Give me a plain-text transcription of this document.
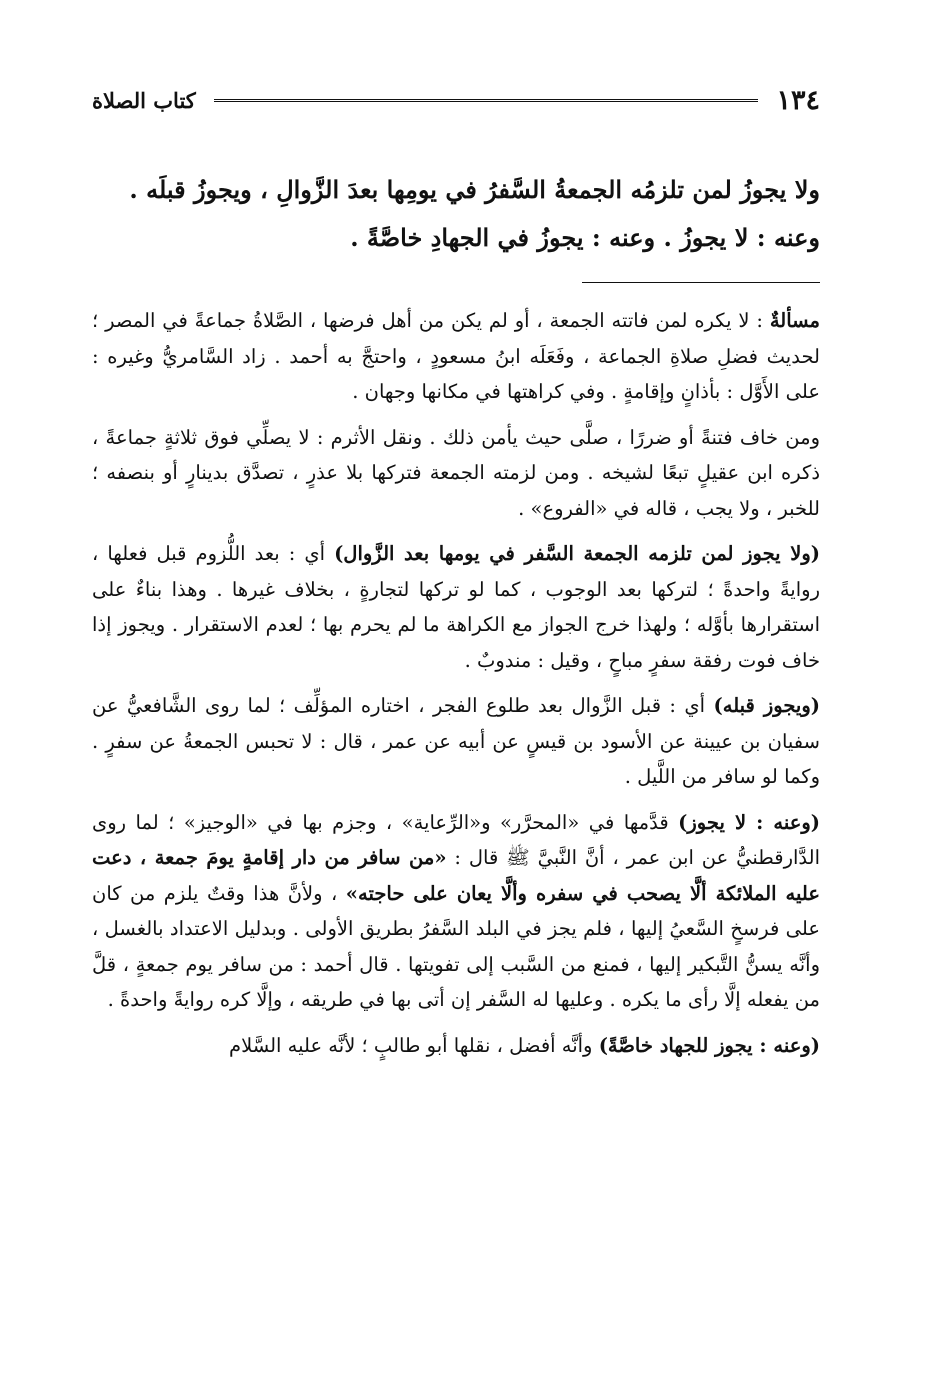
١٣٤
كتاب الصلاة
ولا يجوزُ لمن تلزمُه الجمعةُ السَّفرُ في يومِها بعدَ الزَّوالِ ، ويجوزُ قبلَه .
وعنه : لا يجوزُ . وعنه : يجوزُ في الجهادِ خاصَّةً .

مسألةٌ : لا يكره لمن فاتته الجمعة ، أو لم يكن من أهل فرضها ، الصَّلاةُ جماعةً في المصر ؛ لحديث فضلِ صلاةِ الجماعة ، وفَعَلَه ابنُ مسعودٍ ، واحتجَّ به أحمد . زاد السَّامريُّ وغيره : على الأَوَّل : بأذانٍ وإقامةٍ . وفي كراهتها في مكانها وجهان .

ومن خاف فتنةً أو ضررًا ، صلَّى حيث يأمن ذلك . ونقل الأثرم : لا يصلِّي فوق ثلاثةٍ جماعةً ، ذكره ابن عقيلٍ تبعًا لشيخه . ومن لزمته الجمعة فتركها بلا عذرٍ ، تصدَّق بدينارٍ أو بنصفه ؛ للخبر ، ولا يجب ، قاله في «الفروع» .

(ولا يجوز لمن تلزمه الجمعة السَّفر في يومها بعد الزَّوال) أي : بعد اللُّزوم قبل فعلها ، روايةً واحدةً ؛ لتركها بعد الوجوب ، كما لو تركها لتجارةٍ ، بخلاف غيرها . وهذا بناءٌ على استقرارها بأوَّله ؛ ولهذا خرج الجواز مع الكراهة ما لم يحرم بها ؛ لعدم الاستقرار . ويجوز إذا خاف فوت رفقة سفرٍ مباحٍ ، وقيل : مندوبٌ .

(ويجوز قبله) أي : قبل الزَّوال بعد طلوع الفجر ، اختاره المؤلِّف ؛ لما روى الشَّافعيُّ عن سفيان بن عيينة عن الأسود بن قيسٍ عن أبيه عن عمر ، قال : لا تحبس الجمعةُ عن سفرٍ . وكما لو سافر من اللَّيل .

(وعنه : لا يجوز) قدَّمها في «المحرَّر» و«الرِّعاية» ، وجزم بها في «الوجيز» ؛ لما روى الدَّارقطنيُّ عن ابن عمر ، أنَّ النَّبيَّ ﷺ قال : «من سافر من دار إقامةٍ يومَ جمعة ، دعت عليه الملائكة ألَّا يصحب في سفره وألَّا يعان على حاجته» ، ولأنَّ هذا وقتٌ يلزم من كان على فرسخٍ السَّعيُ إليها ، فلم يجز في البلد السَّفرُ بطريق الأولى . وبدليل الاعتداد بالغسل ، وأنَّه يسنُّ التَّبكير إليها ، فمنع من السَّبب إلى تفويتها . قال أحمد : من سافر يوم جمعةٍ ، قلَّ من يفعله إلَّا رأى ما يكره . وعليها له السَّفر إن أتى بها في طريقه ، وإلَّا كره روايةً واحدةً .

(وعنه : يجوز للجهاد خاصَّةً) وأنَّه أفضل ، نقلها أبو طالبٍ ؛ لأنَّه عليه السَّلام
